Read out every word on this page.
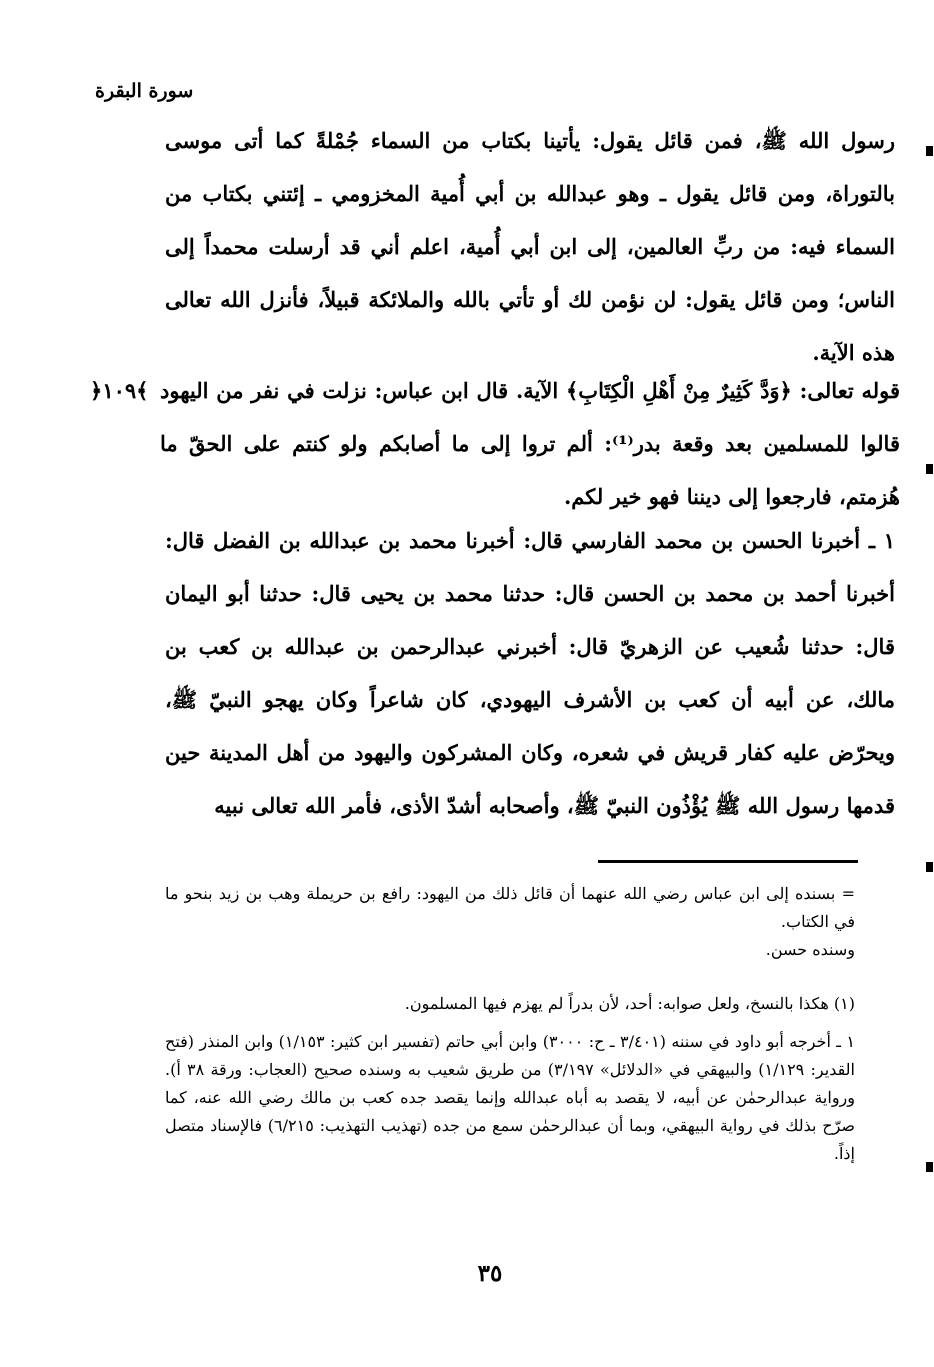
سورة البقرة
رسول الله ﷺ، فمن قائل يقول: يأتينا بكتاب من السماء جُمْلةً كما أتى موسى بالتوراة، ومن قائل يقول ـ وهو عبدالله بن أبي أُمية المخزومي ـ إئتني بكتاب من السماء فيه: من ربِّ العالمين، إلى ابن أبي أُمية، اعلم أني قد أرسلت محمداً إلى الناس؛ ومن قائل يقول: لن نؤمن لك أو تأتي بالله والملائكة قبيلاً، فأنزل الله تعالى هذه الآية.
قوله تعالى: ﴿وَدَّ كَثِيرٌ مِنْ أَهْلِ الْكِتَابِ﴾ الآية. قال ابن عباس: نزلت في نفر من اليهود قالوا للمسلمين بعد وقعة بدر⁽¹⁾: ألم تروا إلى ما أصابكم ولو كنتم على الحقّ ما هُزمتم، فارجعوا إلى ديننا فهو خير لكم.
﴿١٠٩﴾
١ ـ أخبرنا الحسن بن محمد الفارسي قال: أخبرنا محمد بن عبدالله بن الفضل قال: أخبرنا أحمد بن محمد بن الحسن قال: حدثنا محمد بن يحيى قال: حدثنا أبو اليمان قال: حدثنا شُعيب عن الزهريّ قال: أخبرني عبدالرحمن بن عبدالله بن كعب بن مالك، عن أبيه أن كعب بن الأشرف اليهودي، كان شاعراً وكان يهجو النبيّ ﷺ، ويحرّض عليه كفار قريش في شعره، وكان المشركون واليهود من أهل المدينة حين قدمها رسول الله ﷺ يُؤْذُون النبيّ ﷺ، وأصحابه أشدّ الأذى، فأمر الله تعالى نبيه
= بسنده إلى ابن عباس رضي الله عنهما أن قائل ذلك من اليهود: رافع بن حريملة وهب بن زيد بنحو ما في الكتاب.
وسنده حسن.
(١) هكذا بالنسخ، ولعل صوابه: أحد، لأن بدراً لم يهزم فيها المسلمون.
١ ـ أخرجه أبو داود في سننه (٣/٤٠١ ـ ح: ٣٠٠٠) وابن أبي حاتم (تفسير ابن كثير: ١/١٥٣) وابن المنذر (فتح القدير: ١/١٢٩) والبيهقي في «الدلائل» ٣/١٩٧) من طريق شعيب به وسنده صحيح (العجاب: ورقة ٣٨ أ). ورواية عبدالرحمٰن عن أبيه، لا يقصد به أباه عبدالله وإنما يقصد جده كعب بن مالك رضي الله عنه، كما صرّح بذلك في رواية البيهقي، وبما أن عبدالرحمٰن سمع من جده (تهذيب التهذيب: ٦/٢١٥) فالإسناد متصل إذاً.
٣٥
